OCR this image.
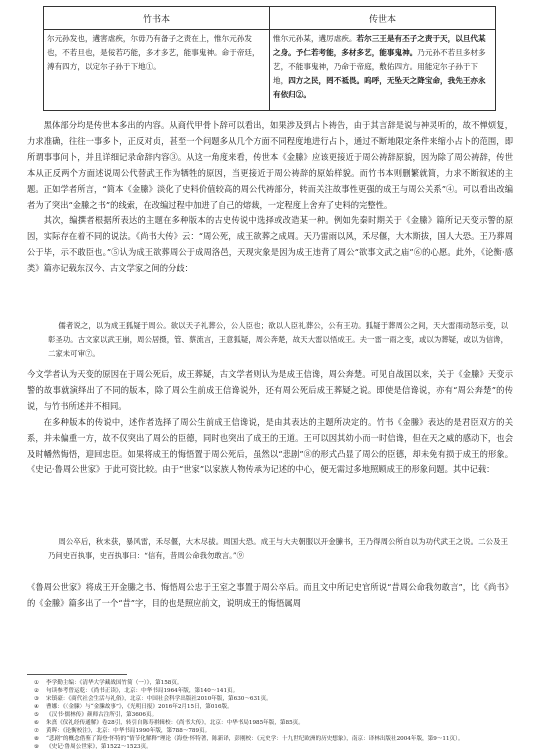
竹书本	传世本
尔元孙发也，遘害虐疾，尔毋乃有备子之责在上，惟尔元孙发也，不若旦也，是佞若巧能，多才多艺，能事鬼神。命于帝廷，溥有四方，以定尔子孙于下地①。	惟尔元孙某，遘厉虐疾。若尔三王是有丕子之责于天，以旦代某之身。予仁若考能，多材多艺，能事鬼神。乃元孙不若旦多材多艺，不能事鬼神，乃命于帝庭，敷佑四方。用能定尔子孙于下地，四方之民，罔不祗畏。呜呼，无坠天之降宝命，我先王亦永有依归②。

黑体部分均是传世本多出的内容。从商代甲骨卜辞可以看出，如果涉及到占卜祷告，由于其言辞是说与神灵听的，故不惮烦复，力求准确，往往一事多卜，正反对贞，甚至一个问题多从几个方面不同程度地进行占卜，通过不断地限定条件来缩小占卜的范围，即所谓事事问卜，并且详细记录命辞内容③。从这一角度来看，传世本《金縢》应该更接近于周公祷辞原貌，因为除了周公祷辞，传世本从正反两个方面述说周公代替武王作为牺牲的原因，当更接近于周公祷辞的原始样貌。而竹书本则删繁就简，力求不断叙述的主题。正如学者所言，“简本《金縢》淡化了史料价值较高的周公代祷部分，转而关注故事性更强的成王与周公关系”④。可以看出改编者为了突出“金縢之书”的线索，在改编过程中加进了自己的熔裁，一定程度上舍弃了史料的完整性。

其次，编撰者根据所表达的主题在多种版本的古史传说中选择或改造某一种。例如先秦时期关于《金縢》篇所记天变示警的原因，实际存在着不同的说法。《尚书大传》云：“周公死，成王欲葬之成周。天乃雷雨以风，禾尽偃，大木斯拔，国人大恐。王乃葬周公于毕，示不敢臣也。”⑤认为成王欲葬周公于成周洛邑，天现灾象是因为成王违背了周公“欲事文武之庙”⑥的心愿。此外，《论衡·感类》篇亦记载东汉今、古文学家之间的分歧：

儒者说之，以为成王狐疑于周公。欲以天子礼葬公，公人臣也；欲以人臣礼葬公，公有王功。狐疑于葬周公之间，天大雷雨动怒示变，以彰圣功。古文家以武王崩，周公居摄，管、蔡流言，王意狐疑，周公奔楚，故天大雷以悟成王。夫一雷一雨之变，或以为葬疑，或以为信谗，二家未可审⑦。

今文学者认为天变的原因在于周公死后，成王葬疑，古文学者则认为是成王信谗，周公奔楚。可见自战国以来，关于《金縢》天变示警的故事就演绎出了不同的版本，除了周公生前成王信谗说外，还有周公死后成王葬疑之说。即使是信谗说，亦有“周公奔楚”的传说，与竹书所述并不相同。

在多种版本的传说中，述作者选择了周公生前成王信谗说，是由其表达的主题所决定的。竹书《金縢》表达的是君臣双方的关系，并未偏重一方，故不仅突出了周公的臣德，同时也突出了成王的王道。王可以因其幼小而一时信谗，但在天之威的感动下，也会及时幡然悔悟，迎回忠臣。如果将成王的悔悟置于周公死后，虽然以“悲剧”⑧的形式凸显了周公的臣德，却未免有损于成王的形象。《史记·鲁周公世家》于此可资比较。由于“世家”以家族人物传承为记述的中心，便无需过多地照顾成王的形象问题。其中记载：

周公卒后，秋未获，暴风雷，禾尽偃，大木尽拔。周国大恐。成王与大夫朝服以开金縢书，王乃得周公所自以为功代武王之说。二公及王乃问史百执事，史百执事曰：“信有，昔周公命我勿敢言。”⑨

《鲁周公世家》将成王开金縢之书、悔悟周公忠于王室之事置于周公卒后。而且文中所记史官所说“昔周公命我勿敢言”，比《尚书》的《金縢》篇多出了一个“昔”字，目的也是照应前文，说明成王的悔悟属周

①	李学勤主编：《清华大学藏战国竹简（一）》，第158页。
②	句读参考曾运乾：《尚书正读》，北京：中华书局1964年版，第140～141页。
③	宋镇豪：《商代社会生活与礼俗》，北京：中国社会科学出版社2010年版，第630～631页。
④	曹娜：《〈金縢〉与“金縢故事”》，《光明日报》2016年2月15日，第016版。
⑤	《汉书·儒林传》颜师古注所引，第3606页。
⑥	朱熹《仪礼经传通解》卷28引，转引自陈寿祺辑校：《尚书大传》，北京：中华书局1985年版，第85页。
⑦	黄晖：《论衡校注》，北京：中华书局1990年版，第788～789页。
⑧	“悲剧”的概念借鉴了海登·怀特的“情节化解释”理论（海登·怀特著，陈新译，彭刚校：《元史学：十九世纪欧洲的历史想象》，南京：译林出版社2004年版，第9～11页）。
⑨	《史记·鲁周公世家》，第1522～1523页。
